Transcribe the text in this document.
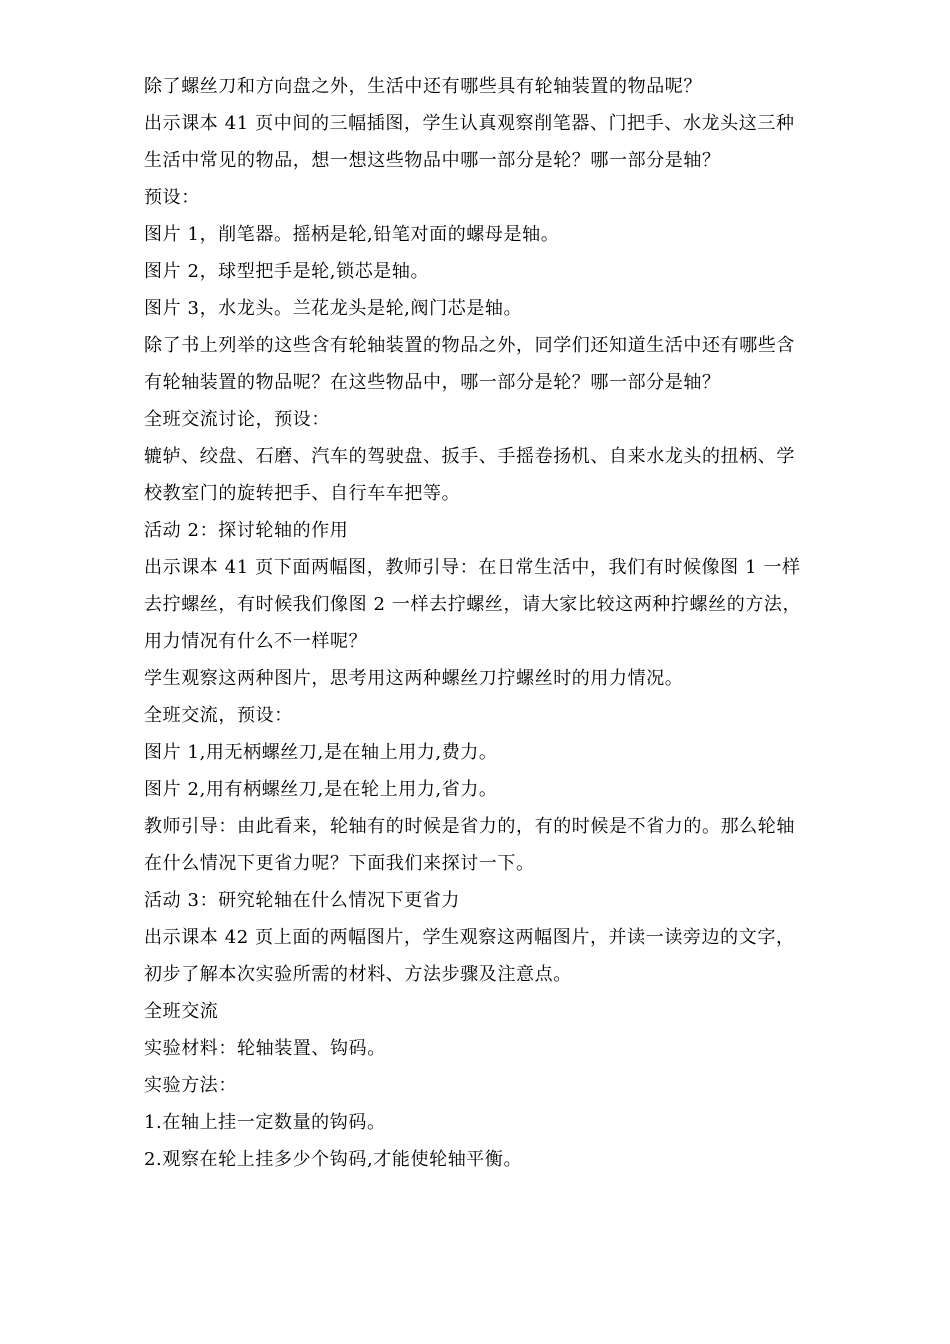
除了螺丝刀和方向盘之外，生活中还有哪些具有轮轴装置的物品呢？
出示课本 41 页中间的三幅插图，学生认真观察削笔器、门把手、水龙头这三种
生活中常见的物品，想一想这些物品中哪一部分是轮？哪一部分是轴？
预设：
图片 1，削笔器。摇柄是轮,铅笔对面的螺母是轴。
图片 2，球型把手是轮,锁芯是轴。
图片 3，水龙头。兰花龙头是轮,阀门芯是轴。
除了书上列举的这些含有轮轴装置的物品之外，同学们还知道生活中还有哪些含
有轮轴装置的物品呢？在这些物品中，哪一部分是轮？哪一部分是轴？
全班交流讨论，预设：
辘轳、绞盘、石磨、汽车的驾驶盘、扳手、手摇卷扬机、自来水龙头的扭柄、学
校教室门的旋转把手、自行车车把等。
活动 2：探讨轮轴的作用
出示课本 41 页下面两幅图，教师引导：在日常生活中，我们有时候像图 1 一样
去拧螺丝，有时候我们像图 2 一样去拧螺丝，请大家比较这两种拧螺丝的方法，
用力情况有什么不一样呢？
学生观察这两种图片，思考用这两种螺丝刀拧螺丝时的用力情况。
全班交流，预设：
图片 1,用无柄螺丝刀,是在轴上用力,费力。
图片 2,用有柄螺丝刀,是在轮上用力,省力。
教师引导：由此看来，轮轴有的时候是省力的，有的时候是不省力的。那么轮轴
在什么情况下更省力呢？下面我们来探讨一下。
活动 3：研究轮轴在什么情况下更省力
出示课本 42 页上面的两幅图片，学生观察这两幅图片，并读一读旁边的文字，
初步了解本次实验所需的材料、方法步骤及注意点。
全班交流
实验材料：轮轴装置、钩码。
实验方法：
1.在轴上挂一定数量的钩码。
2.观察在轮上挂多少个钩码,才能使轮轴平衡。
